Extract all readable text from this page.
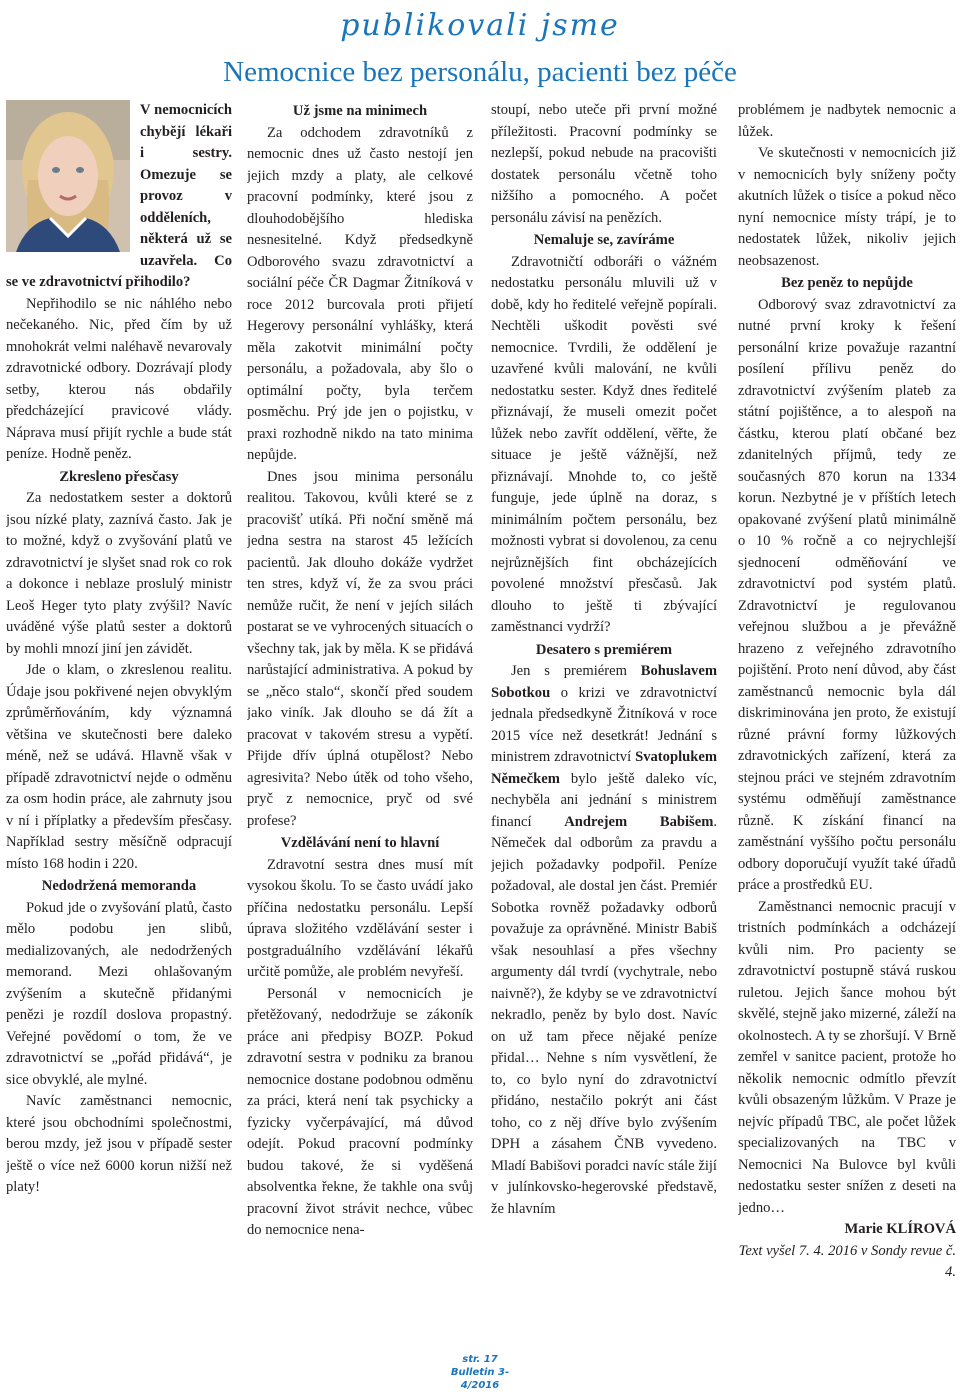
publikovali jsme
Nemocnice bez personálu, pacienti bez péče

V nemocnicích chybějí lékaři i sestry. Omezuje se provoz v odděleních, některá už se uzavřela. Co se ve zdravotnictví přihodilo?

Nepřihodilo se nic náhlého nebo nečekaného. Nic, před čím by už mnohokrát velmi naléhavě nevarovaly zdravotnické odbory. Dozrávají plody setby, kterou nás obdařily předcházející pravicové vlády. Náprava musí přijít rychle a bude stát peníze. Hodně peněz.

Zkresleno přesčasy

Za nedostatkem sester a doktorů jsou nízké platy, zaznívá často. Jak je to možné, když o zvyšování platů ve zdravotnictví je slyšet snad rok co rok a dokonce i neblaze proslulý ministr Leoš Heger tyto platy zvýšil? Navíc uváděné výše platů sester a doktorů by mohli mnozí jiní jen závidět.

Jde o klam, o zkreslenou realitu. Údaje jsou pokřivené nejen obvyklým zprůměrňováním, kdy významná většina ve skutečnosti bere daleko méně, než se udává. Hlavně však v případě zdravotnictví nejde o odměnu za osm hodin práce, ale zahrnuty jsou v ní i příplatky a především přesčasy. Například sestry měsíčně odpracují místo 168 hodin i 220.

Nedodržená memoranda

Pokud jde o zvyšování platů, často mělo podobu jen slibů, medializovaných, ale nedodržených memorand. Mezi ohlašovaným zvýšením a skutečně přidanými penězi je rozdíl doslova propastný. Veřejné povědomí o tom, že ve zdravotnictví se „pořád přidává“, je sice obvyklé, ale mylné.

Navíc zaměstnanci nemocnic, které jsou obchodními společnostmi, berou mzdy, jež jsou v případě sester ještě o více než 6000 korun nižší než platy!

Už jsme na minimech

Za odchodem zdravotníků z nemocnic dnes už často nestojí jen jejich mzdy a platy, ale celkové pracovní podmínky, které jsou z dlouhodobějšího hlediska nesnesitelné. Když předsedkyně Odborového svazu zdravotnictví a sociální péče ČR Dagmar Žitníková v roce 2012 burcovala proti přijetí Hegerovy personální vyhlášky, která měla zakotvit minimální počty personálu, a požadovala, aby šlo o optimální počty, byla terčem posměchu. Prý jde jen o pojistku, v praxi rozhodně nikdo na tato minima nepůjde.

Dnes jsou minima personálu realitou. Takovou, kvůli které se z pracovišť utíká. Při noční směně má jedna sestra na starost 45 ležících pacientů. Jak dlouho dokáže vydržet ten stres, když ví, že za svou práci nemůže ručit, že není v jejích silách postarat se ve vyhrocených situacích o všechny tak, jak by měla. K se přidává narůstající administrativa. A pokud by se „něco stalo“, skončí před soudem jako viník. Jak dlouho se dá žít a pracovat v takovém stresu a vypětí. Přijde dřív úplná otupělost? Nebo agresivita? Nebo útěk od toho všeho, pryč z nemocnice, pryč od své profese?

Vzdělávání není to hlavní

Zdravotní sestra dnes musí mít vysokou školu. To se často uvádí jako příčina nedostatku personálu. Lepší úprava složitého vzdělávání sester i postgraduálního vzdělávání lékařů určitě pomůže, ale problém nevyřeší.

Personál v nemocnicích je přetěžovaný, nedodržuje se zákoník práce ani předpisy BOZP. Pokud zdravotní sestra v podniku za branou nemocnice dostane podobnou odměnu za práci, která není tak psychicky a fyzicky vyčerpávající, má důvod odejít. Pokud pracovní podmínky budou takové, že si vyděšená absolventka řekne, že takhle ona svůj pracovní život strávit nechce, vůbec do nemocnice nena-

stoupí, nebo uteče při první možné příležitosti. Pracovní podmínky se nezlepší, pokud nebude na pracovišti dostatek personálu včetně toho nižšího a pomocného. A počet personálu závisí na penězích.

Nemaluje se, zavíráme

Zdravotničtí odboráři o vážném nedostatku personálu mluvili už v době, kdy ho ředitelé veřejně popírali. Nechtěli uškodit pověsti své nemocnice. Tvrdili, že oddělení je uzavřené kvůli malování, ne kvůli nedostatku sester. Když dnes ředitelé přiznávají, že museli omezit počet lůžek nebo zavřít oddělení, věřte, že situace je ještě vážnější, než přiznávají. Mnohde to, co ještě funguje, jede úplně na doraz, s minimálním počtem personálu, bez možnosti vybrat si dovolenou, za cenu nejrůznějších fint obcházejících povolené množství přesčasů. Jak dlouho to ještě ti zbývající zaměstnanci vydrží?

Desatero s premiérem

Jen s premiérem Bohuslavem Sobotkou o krizi ve zdravotnictví jednala předsedkyně Žitníková v roce 2015 více než desetkrát! Jednání s ministrem zdravotnictví Svatoplukem Němečkem bylo ještě daleko víc, nechyběla ani jednání s ministrem financí Andrejem Babišem. Němeček dal odborům za pravdu a jejich požadavky podpořil. Peníze požadoval, ale dostal jen část. Premiér Sobotka rovněž požadavky odborů považuje za oprávněné. Ministr Babiš však nesouhlasí a přes všechny argumenty dál tvrdí (vychytrale, nebo naivně?), že kdyby se ve zdravotnictví nekradlo, peněz by bylo dost. Navíc on už tam přece nějaké peníze přidal… Nehne s ním vysvětlení, že to, co bylo nyní do zdravotnictví přidáno, nestačilo pokrýt ani část toho, co z něj dříve bylo zvýšením DPH a zásahem ČNB vyvedeno. Mladí Babišovi poradci navíc stále žijí v julínkovsko-hegerovské představě, že hlavním

problémem je nadbytek nemocnic a lůžek.

Ve skutečnosti v nemocnicích již v nemocnicích byly sníženy počty akutních lůžek o tisíce a pokud něco nyní nemocnice místy trápí, je to nedostatek lůžek, nikoliv jejich neobsazenost.

Bez peněz to nepůjde

Odborový svaz zdravotnictví za nutné první kroky k řešení personální krize považuje razantní posílení přílivu peněz do zdravotnictví zvýšením plateb za státní pojištěnce, a to alespoň na částku, kterou platí občané bez zdanitelných příjmů, tedy ze současných 870 korun na 1334 korun. Nezbytné je v příštích letech opakované zvýšení platů minimálně o 10 % ročně a co nejrychlejší sjednocení odměňování ve zdravotnictví pod systém platů. Zdravotnictví je regulovanou veřejnou službou a je převážně hrazeno z veřejného zdravotního pojištění. Proto není důvod, aby část zaměstnanců nemocnic byla dál diskriminována jen proto, že existují různé právní formy lůžkových zdravotnických zařízení, která za stejnou práci ve stejném zdravotním systému odměňují zaměstnance různě. K získání financí na zaměstnání vyššího počtu personálu odbory doporučují využít také úřadů práce a prostředků EU.

Zaměstnanci nemocnic pracují v tristních podmínkách a odcházejí kvůli nim. Pro pacienty se zdravotnictví postupně stává ruskou ruletou. Jejich šance mohou být skvělé, stejně jako mizerné, záleží na okolnostech. A ty se zhoršují. V Brně zemřel v sanitce pacient, protože ho několik nemocnic odmítlo převzít kvůli obsazeným lůžkům. V Praze je nejvíc případů TBC, ale počet lůžek specializovaných na TBC v Nemocnici Na Bulovce byl kvůli nedostatku sester snížen z deseti na jedno…

Marie KLÍROVÁ

Text vyšel 7. 4. 2016 v Sondy revue č. 4.

str. 17
Bulletin 3-4/2016
